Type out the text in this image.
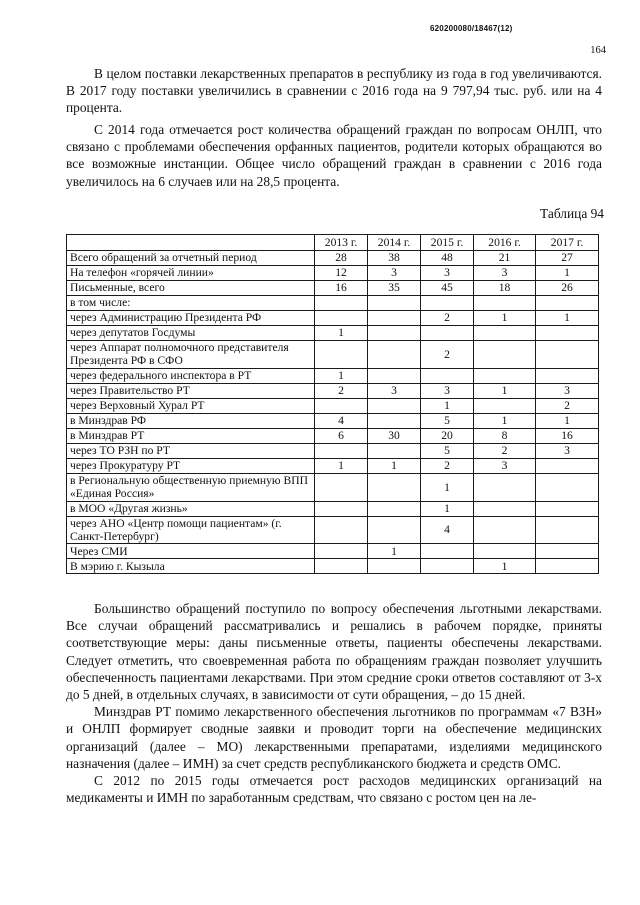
620200080/18467(12)
164

В целом поставки лекарственных препаратов в республику из года в год увеличиваются. В 2017 году поставки увеличились в сравнении с 2016 года на 9 797,94 тыс. руб. или на 4 процента.

С 2014 года отмечается рост количества обращений граждан по вопросам ОНЛП, что связано с проблемами обеспечения орфанных пациентов, родители которых обращаются во все возможные инстанции. Общее число обращений граждан в сравнении с 2016 года увеличилось на 6 случаев или на 28,5 процента.

Таблица 94
	2013 г.	2014 г.	2015 г.	2016 г.	2017 г.
Всего обращений за отчетный период	28	38	48	21	27
На телефон «горячей линии»	12	3	3	3	1
Письменные, всего	16	35	45	18	26
в том числе:					
через Администрацию Президента РФ			2	1	1
через депутатов Госдумы	1				
через Аппарат полномочного представителя Президента РФ в СФО			2		
через федерального инспектора в РТ	1				
через Правительство РТ	2	3	3	1	3
через Верховный Хурал РТ			1		2
в Минздрав РФ	4		5	1	1
в Минздрав РТ	6	30	20	8	16
через ТО РЗН по РТ			5	2	3
через Прокуратуру РТ	1	1	2	3	
в Региональную общественную приемную ВПП «Единая Россия»			1		
в МОО «Другая жизнь»			1		
через АНО «Центр помощи пациентам» (г. Санкт-Петербург)			4		
Через СМИ		1			
В мэрию г. Кызыла				1	

Большинство обращений поступило по вопросу обеспечения льготными лекарствами. Все случаи обращений рассматривались и решались в рабочем порядке, приняты соответствующие меры: даны письменные ответы, пациенты обеспечены лекарствами. Следует отметить, что своевременная работа по обращениям граждан позволяет улучшить обеспеченность пациентами лекарствами. При этом средние сроки ответов составляют от 3-х до 5 дней, в отдельных случаях, в зависимости от сути обращения, – до 15 дней.

Минздрав РТ помимо лекарственного обеспечения льготников по программам «7 ВЗН» и ОНЛП формирует сводные заявки и проводит торги на обеспечение медицинских организаций (далее – МО) лекарственными препаратами, изделиями медицинского назначения (далее – ИМН) за счет средств республиканского бюджета и средств ОМС.

С 2012 по 2015 годы отмечается рост расходов медицинских организаций на медикаменты и ИМН по заработанным средствам, что связано с ростом цен на ле-
